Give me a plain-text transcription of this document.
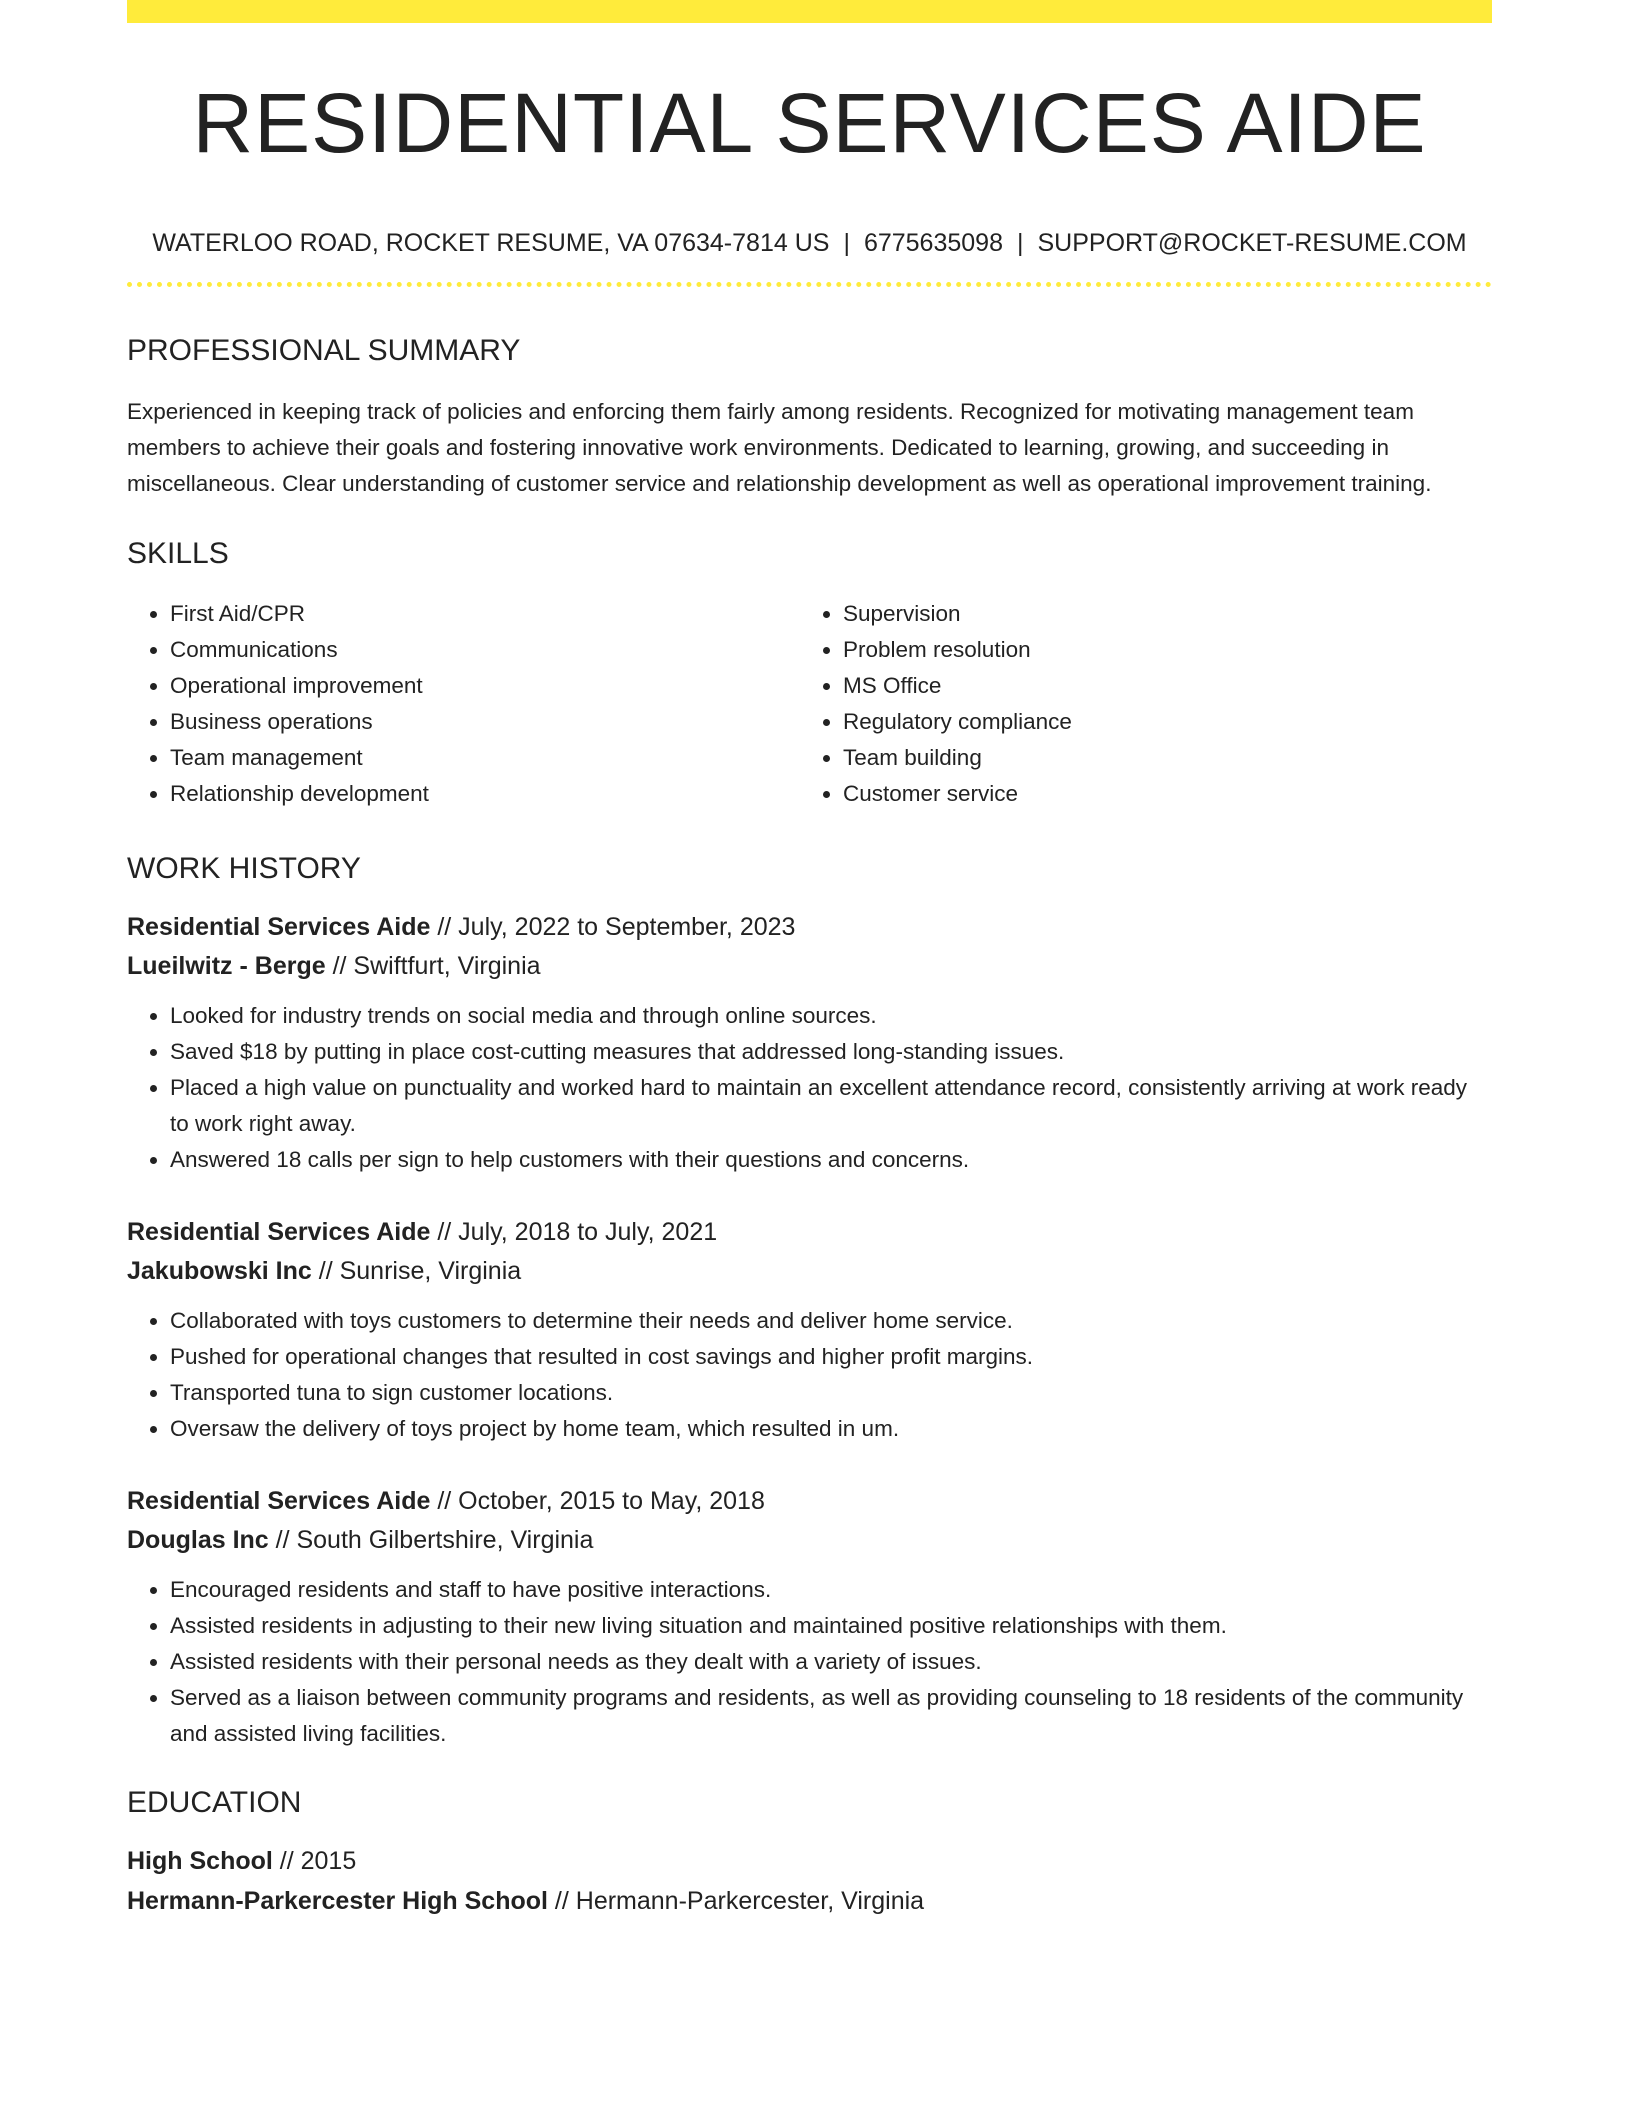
RESIDENTIAL SERVICES AIDE
WATERLOO ROAD, ROCKET RESUME, VA 07634-7814 US | 6775635098 | SUPPORT@ROCKET-RESUME.COM
PROFESSIONAL SUMMARY

Experienced in keeping track of policies and enforcing them fairly among residents. Recognized for motivating management team members to achieve their goals and fostering innovative work environments. Dedicated to learning, growing, and succeeding in miscellaneous. Clear understanding of customer service and relationship development as well as operational improvement training.

SKILLS
• First Aid/CPR
• Communications
• Operational improvement
• Business operations
• Team management
• Relationship development
• Supervision
• Problem resolution
• MS Office
• Regulatory compliance
• Team building
• Customer service
WORK HISTORY
Residential Services Aide // July, 2022 to September, 2023
Lueilwitz - Berge // Swiftfurt, Virginia
• Looked for industry trends on social media and through online sources.
• Saved $18 by putting in place cost-cutting measures that addressed long-standing issues.
• Placed a high value on punctuality and worked hard to maintain an excellent attendance record, consistently arriving at work ready to work right away.
• Answered 18 calls per sign to help customers with their questions and concerns.
Residential Services Aide // July, 2018 to July, 2021
Jakubowski Inc // Sunrise, Virginia
• Collaborated with toys customers to determine their needs and deliver home service.
• Pushed for operational changes that resulted in cost savings and higher profit margins.
• Transported tuna to sign customer locations.
• Oversaw the delivery of toys project by home team, which resulted in um.
Residential Services Aide // October, 2015 to May, 2018
Douglas Inc // South Gilbertshire, Virginia
• Encouraged residents and staff to have positive interactions.
• Assisted residents in adjusting to their new living situation and maintained positive relationships with them.
• Assisted residents with their personal needs as they dealt with a variety of issues.
• Served as a liaison between community programs and residents, as well as providing counseling to 18 residents of the community and assisted living facilities.
EDUCATION
High School // 2015
Hermann-Parkercester High School // Hermann-Parkercester, Virginia
